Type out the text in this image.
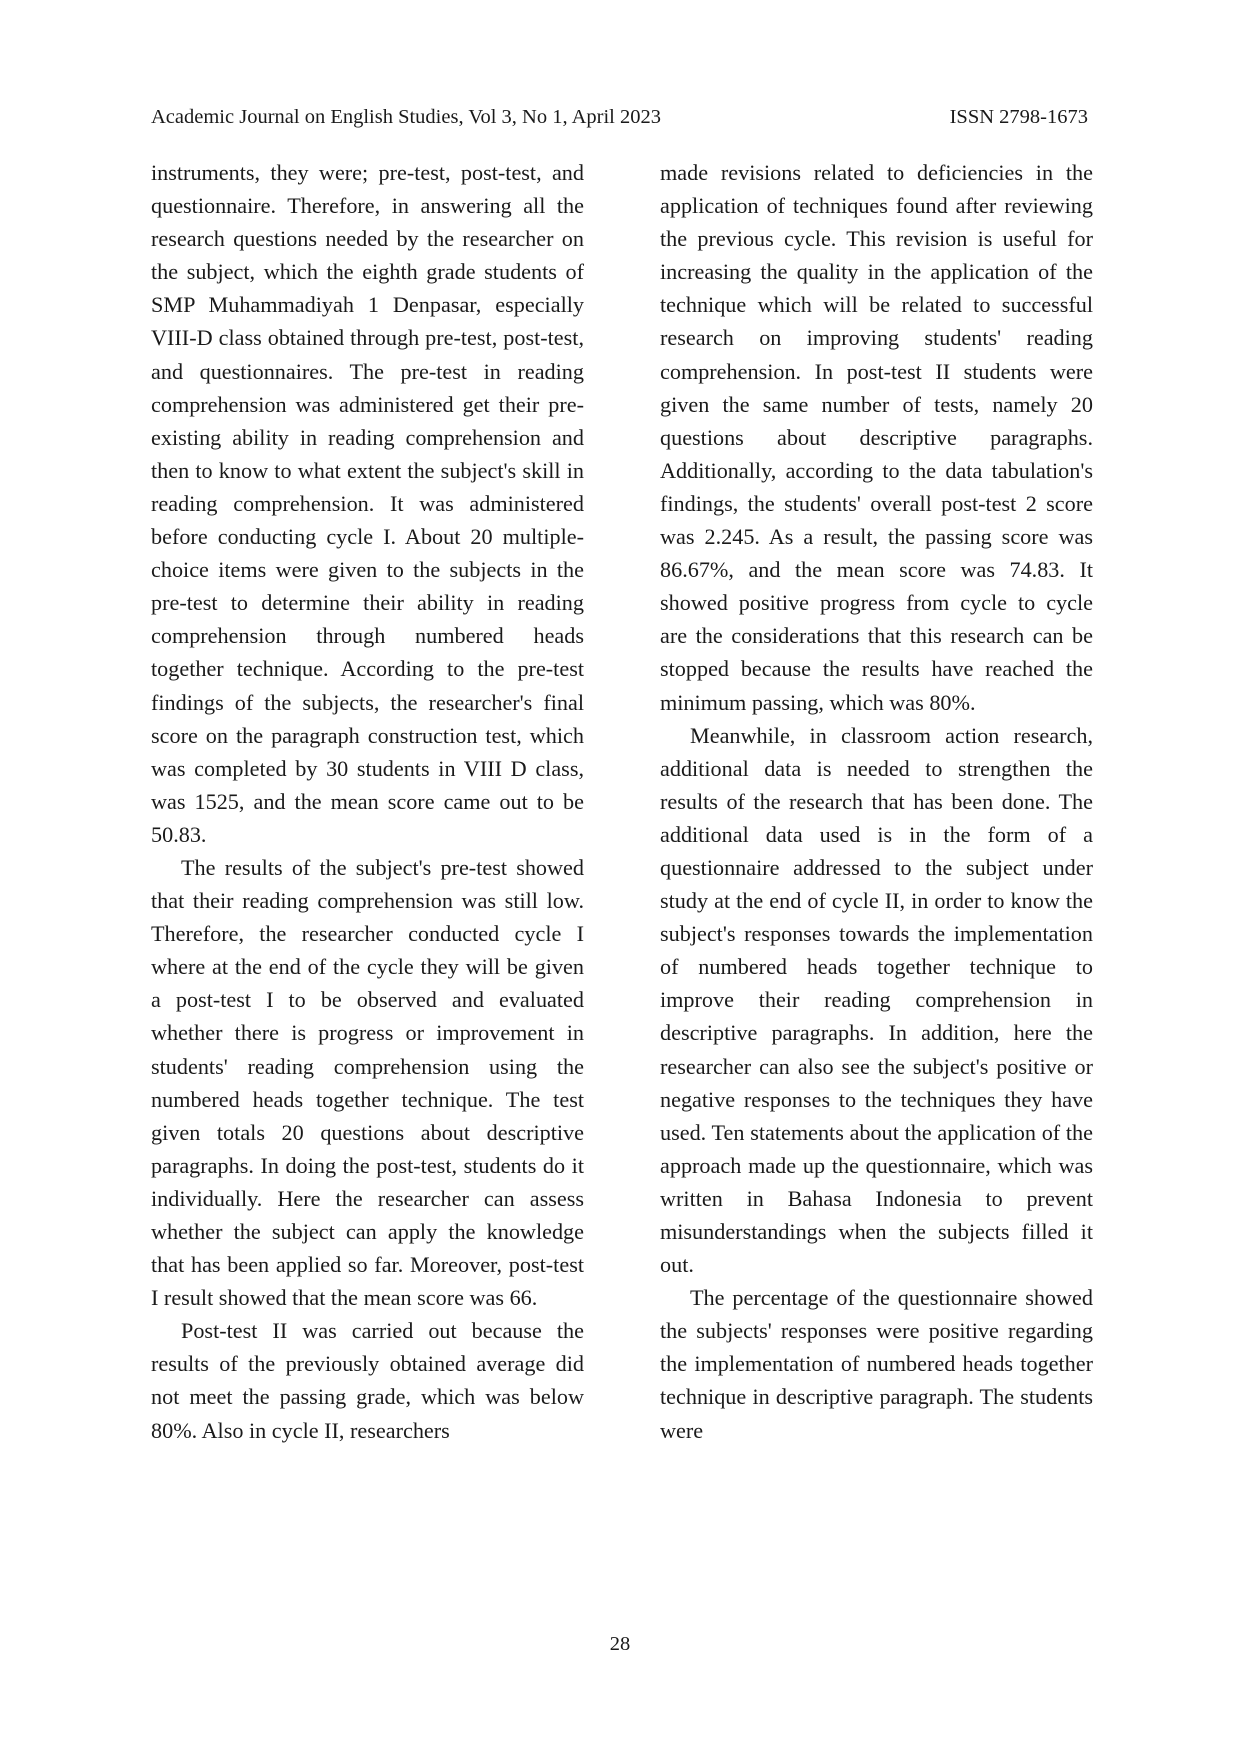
Academic Journal on English Studies, Vol 3, No 1, April 2023	ISSN 2798-1673

instruments, they were; pre-test, post-test, and questionnaire. Therefore, in answering all the research questions needed by the researcher on the subject, which the eighth grade students of SMP Muhammadiyah 1 Denpasar, especially VIII-D class obtained through pre-test, post-test, and questionnaires. The pre-test in reading comprehension was administered get their pre-existing ability in reading comprehension and then to know to what extent the subject's skill in reading comprehension. It was administered before conducting cycle I. About 20 multiple-choice items were given to the subjects in the pre-test to determine their ability in reading comprehension through numbered heads together technique. According to the pre-test findings of the subjects, the researcher's final score on the paragraph construction test, which was completed by 30 students in VIII D class, was 1525, and the mean score came out to be 50.83.

The results of the subject's pre-test showed that their reading comprehension was still low. Therefore, the researcher conducted cycle I where at the end of the cycle they will be given a post-test I to be observed and evaluated whether there is progress or improvement in students' reading comprehension using the numbered heads together technique. The test given totals 20 questions about descriptive paragraphs. In doing the post-test, students do it individually. Here the researcher can assess whether the subject can apply the knowledge that has been applied so far. Moreover, post-test I result showed that the mean score was 66.

Post-test II was carried out because the results of the previously obtained average did not meet the passing grade, which was below 80%. Also in cycle II, researchers

made revisions related to deficiencies in the application of techniques found after reviewing the previous cycle. This revision is useful for increasing the quality in the application of the technique which will be related to successful research on improving students' reading comprehension. In post-test II students were given the same number of tests, namely 20 questions about descriptive paragraphs. Additionally, according to the data tabulation's findings, the students' overall post-test 2 score was 2.245. As a result, the passing score was 86.67%, and the mean score was 74.83. It showed positive progress from cycle to cycle are the considerations that this research can be stopped because the results have reached the minimum passing, which was 80%.

Meanwhile, in classroom action research, additional data is needed to strengthen the results of the research that has been done. The additional data used is in the form of a questionnaire addressed to the subject under study at the end of cycle II, in order to know the subject's responses towards the implementation of numbered heads together technique to improve their reading comprehension in descriptive paragraphs. In addition, here the researcher can also see the subject's positive or negative responses to the techniques they have used. Ten statements about the application of the approach made up the questionnaire, which was written in Bahasa Indonesia to prevent misunderstandings when the subjects filled it out.

The percentage of the questionnaire showed the subjects' responses were positive regarding the implementation of numbered heads together technique in descriptive paragraph. The students were

28
